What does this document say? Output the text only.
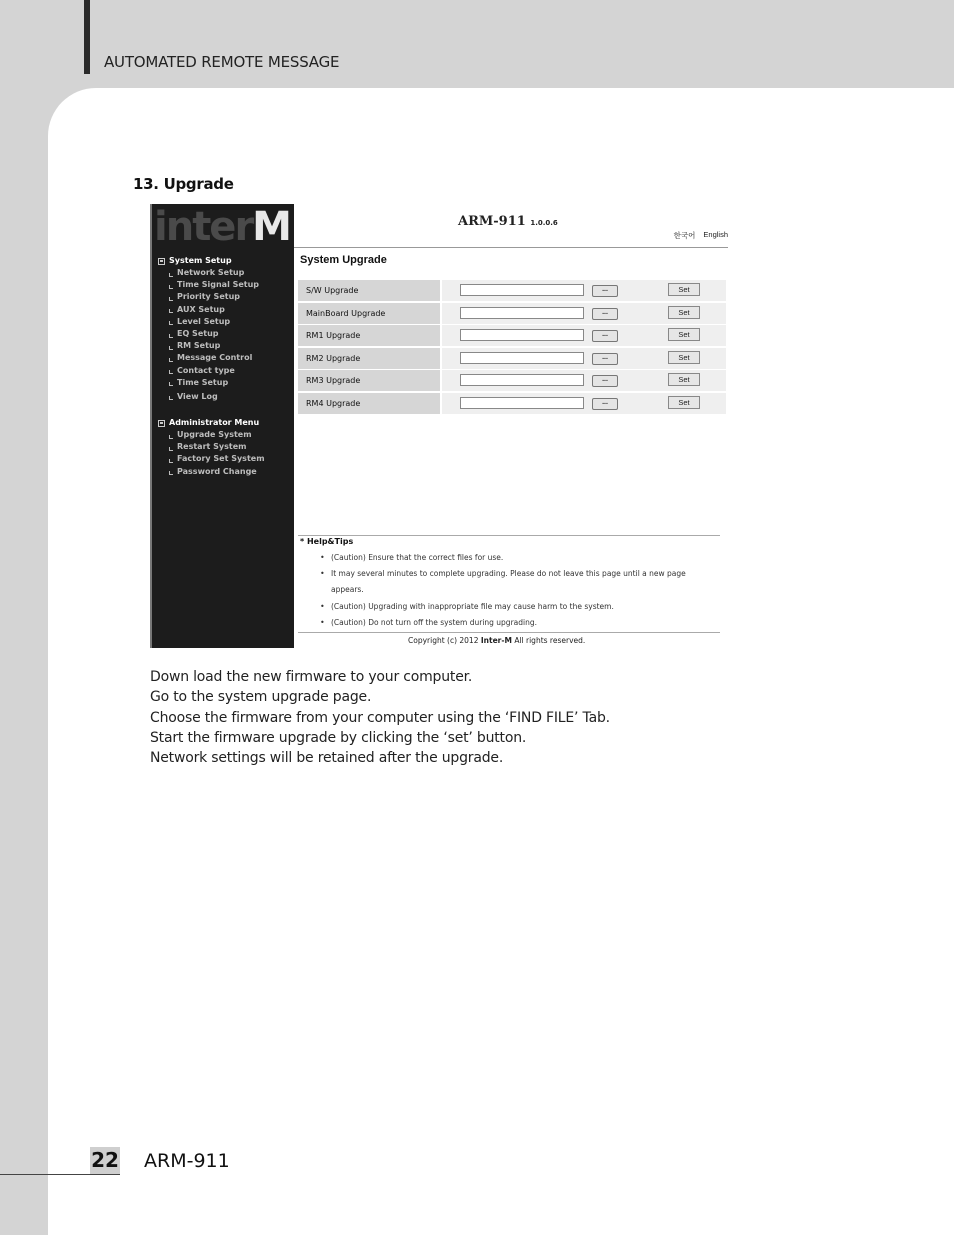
AUTOMATED REMOTE MESSAGE
13. Upgrade
interM
System Setup
Network Setup
Time Signal Setup
Priority Setup
AUX Setup
Level Setup
EQ Setup
RM Setup
Message Control
Contact type
Time Setup
View Log
Administrator Menu
Upgrade System
Restart System
Factory Set System
Password Change
ARM-911 1.0.0.6
한국어 English
System Upgrade
S/W Upgrade	...	Set
MainBoard Upgrade	...	Set
RM1 Upgrade	...	Set
RM2 Upgrade	...	Set
RM3 Upgrade	...	Set
RM4 Upgrade	...	Set
* Help&Tips
• (Caution) Ensure that the correct files for use.
• It may several minutes to complete upgrading. Please do not leave this page until a new page appears.
• (Caution) Upgrading with inappropriate file may cause harm to the system.
• (Caution) Do not turn off the system during upgrading.
Copyright (c) 2012 Inter-M All rights reserved.
Down load the new firmware to your computer.
Go to the system upgrade page.
Choose the firmware from your computer using the ‘FIND FILE’ Tab.
Start the firmware upgrade by clicking the ‘set’ button.
Network settings will be retained after the upgrade.
22 ARM-911
